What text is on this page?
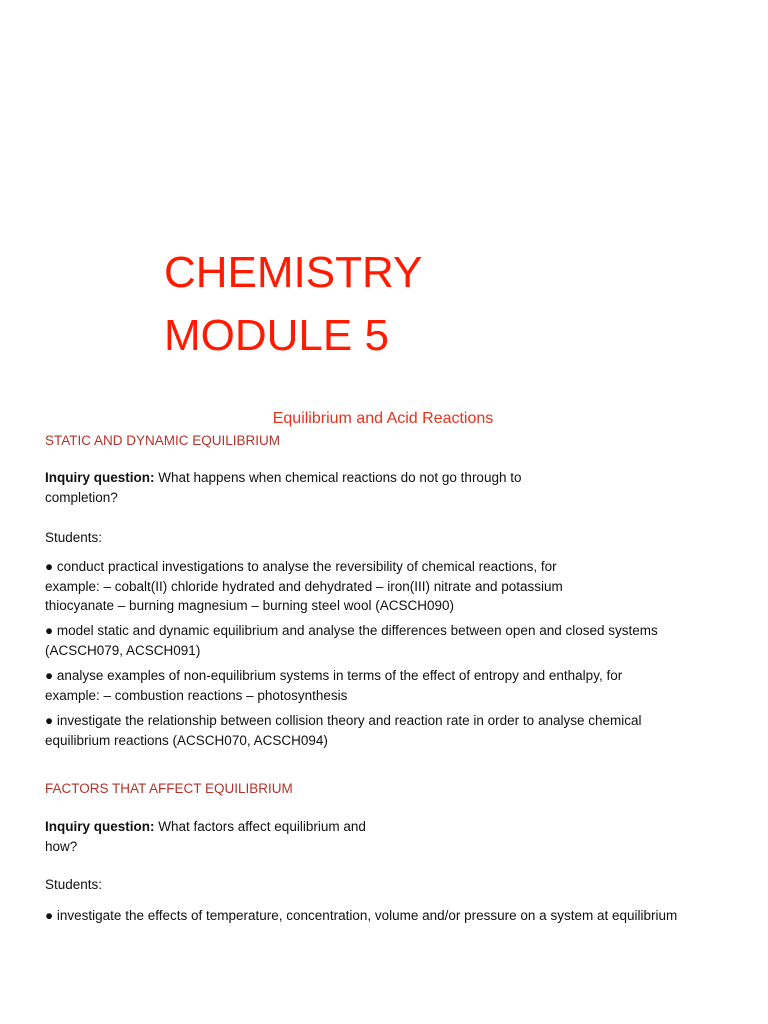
CHEMISTRY
MODULE 5

Equilibrium and Acid Reactions

STATIC AND DYNAMIC EQUILIBRIUM

Inquiry question: What happens when chemical reactions do not go through to completion?

Students:

● conduct practical investigations to analyse the reversibility of chemical reactions, for example: – cobalt(II) chloride hydrated and dehydrated – iron(III) nitrate and potassium thiocyanate – burning magnesium – burning steel wool (ACSCH090)

● model static and dynamic equilibrium and analyse the differences between open and closed systems (ACSCH079, ACSCH091)

● analyse examples of non-equilibrium systems in terms of the effect of entropy and enthalpy, for example: – combustion reactions – photosynthesis

● investigate the relationship between collision theory and reaction rate in order to analyse chemical equilibrium reactions (ACSCH070, ACSCH094)

FACTORS THAT AFFECT EQUILIBRIUM

Inquiry question: What factors affect equilibrium and how?

Students:

● investigate the effects of temperature, concentration, volume and/or pressure on a system at equilibrium
